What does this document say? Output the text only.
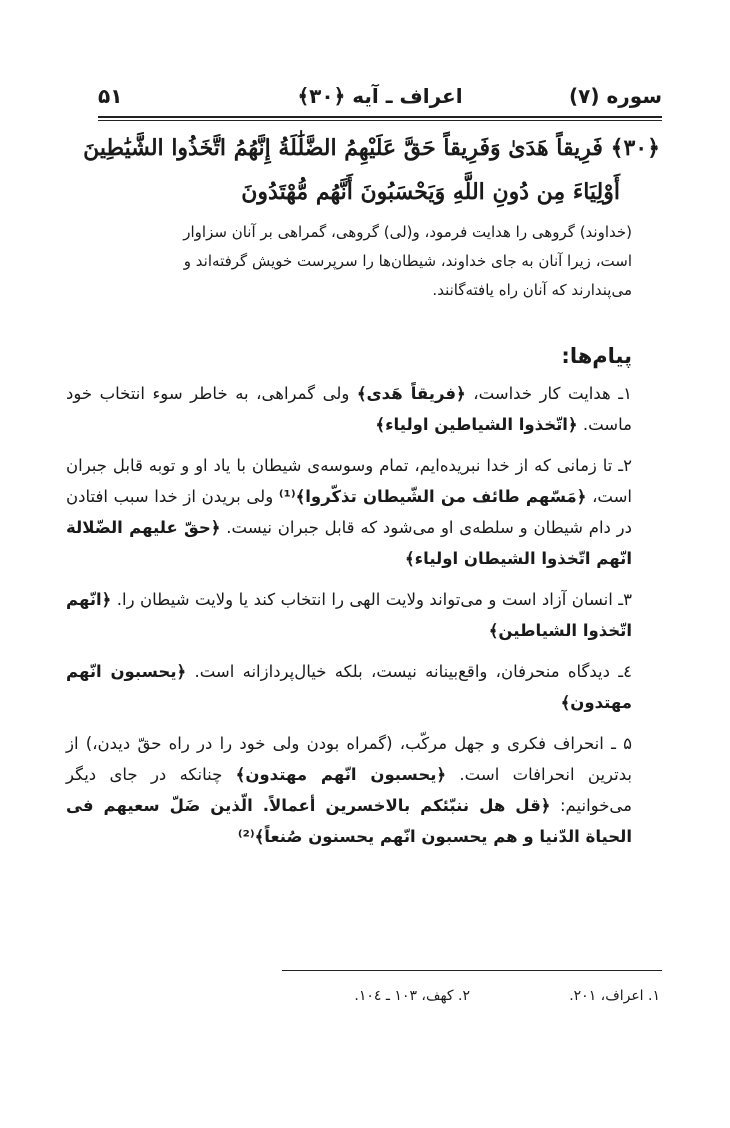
سوره (۷)
اعراف ـ آیه ﴿۳۰﴾
۵۱
﴿۳۰﴾ فَرِيقاً هَدَىٰ وَفَرِيقاً حَقَّ عَلَيْهِمُ الضَّلَٰلَةُ إِنَّهُمُ اتَّخَذُوا الشَّيَٰطِينَ
أَوْلِيَاءَ مِن دُونِ اللَّهِ وَيَحْسَبُونَ أَنَّهُم مُّهْتَدُونَ

(خداوند) گروهی را هدایت فرمود، و(لی) گروهی، گمراهی بر آنان سزاوار

است، زیرا آنان به جای خداوند، شیطان‌ها را سرپرست خویش گرفته‌اند و

می‌پندارند که آنان راه یافته‌گانند.

پیام‌ها:
۱ـ هدایت کار خداست، ﴿فریقاً هَدی﴾ ولی گمراهی، به خاطر سوء انتخاب خود ماست. ﴿اتّخذوا الشیاطین اولیاء﴾
۲ـ تا زمانی که از خدا نبریده‌ایم، تمام وسوسه‌ی شیطان با یاد او و توبه قابل جبران است، ﴿مَسّهم طائف من الشّیطان تذکّروا﴾⁽¹⁾ ولی بریدن از خدا سبب افتادن در دام شیطان و سلطه‌ی او می‌شود که قابل جبران نیست. ﴿حقّ علیهم الضّلالة انّهم اتّخذوا الشیطان اولیاء﴾
۳ـ انسان آزاد است و می‌تواند ولایت الهی را انتخاب کند یا ولایت شیطان را. ﴿انّهم اتّخذوا الشیاطین﴾
٤ـ دیدگاه منحرفان، واقع‌بینانه نیست، بلکه خیال‌پردازانه است. ﴿یحسبون انّهم مهتدون﴾
۵ ـ انحراف فکری و جهل مرکّب، (گمراه بودن ولی خود را در راه حقّ دیدن،) از بدترین انحرافات است. ﴿یحسبون انّهم مهتدون﴾ چنانکه در جای دیگر می‌خوانیم: ﴿قل هل ننبّئکم بالاخسرین أعمالاً. الّذین ضَلّ سعیهم فی الحیاة الدّنیا و هم یحسبون انّهم یحسنون صُنعاً﴾⁽²⁾
۱. اعراف، ۲۰۱.
۲. کهف، ۱۰۳ ـ ۱۰٤.
